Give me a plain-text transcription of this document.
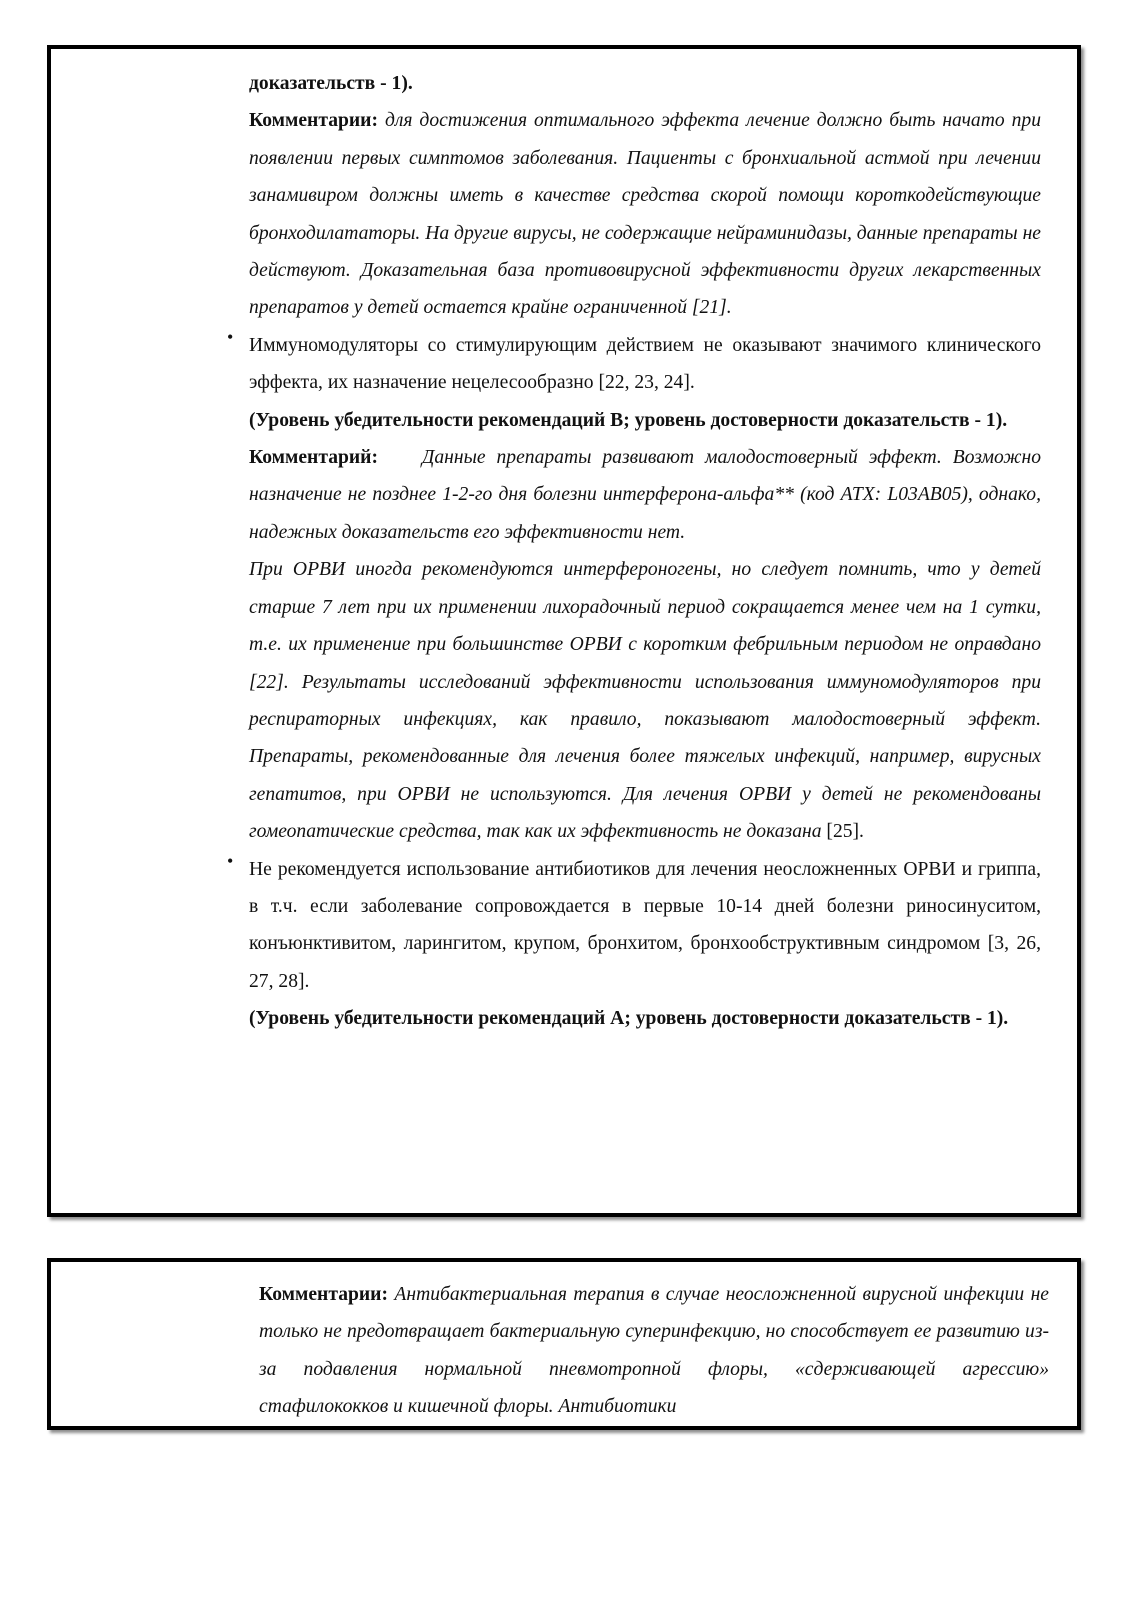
доказательств - 1).

Комментарии: для достижения оптимального эффекта лечение должно быть начато при появлении первых симптомов заболевания. Пациенты с бронхиальной астмой при лечении занамивиром должны иметь в качестве средства скорой помощи короткодействующие бронходилататоры. На другие вирусы, не содержащие нейраминидазы, данные препараты не действуют. Доказательная база противовирусной эффективности других лекарственных препаратов у детей остается крайне ограниченной [21].

• Иммуномодуляторы со стимулирующим действием не оказывают значимого клинического эффекта, их назначение нецелесообразно [22, 23, 24].

(Уровень убедительности рекомендаций B; уровень достоверности доказательств - 1).

Комментарий: Данные препараты развивают малодостоверный эффект. Возможно назначение не позднее 1-2-го дня болезни интерферона-альфа** (код АТХ: L03AB05), однако, надежных доказательств его эффективности нет.

При ОРВИ иногда рекомендуются интерфероногены, но следует помнить, что у детей старше 7 лет при их применении лихорадочный период сокращается менее чем на 1 сутки, т.е. их применение при большинстве ОРВИ с коротким фебрильным периодом не оправдано [22]. Результаты исследований эффективности использования иммуномодуляторов при респираторных инфекциях, как правило, показывают малодостоверный эффект. Препараты, рекомендованные для лечения более тяжелых инфекций, например, вирусных гепатитов, при ОРВИ не используются. Для лечения ОРВИ у детей не рекомендованы гомеопатические средства, так как их эффективность не доказана [25].

• Не рекомендуется использование антибиотиков для лечения неосложненных ОРВИ и гриппа, в т.ч. если заболевание сопровождается в первые 10-14 дней болезни риносинуситом, конъюнктивитом, ларингитом, крупом, бронхитом, бронхообструктивным синдромом [3, 26, 27, 28].

(Уровень убедительности рекомендаций A; уровень достоверности доказательств - 1).

Комментарии: Антибактериальная терапия в случае неосложненной вирусной инфекции не только не предотвращает бактериальную суперинфекцию, но способствует ее развитию из-за подавления нормальной пневмотропной флоры, «сдерживающей агрессию» стафилококков и кишечной флоры. Антибиотики
